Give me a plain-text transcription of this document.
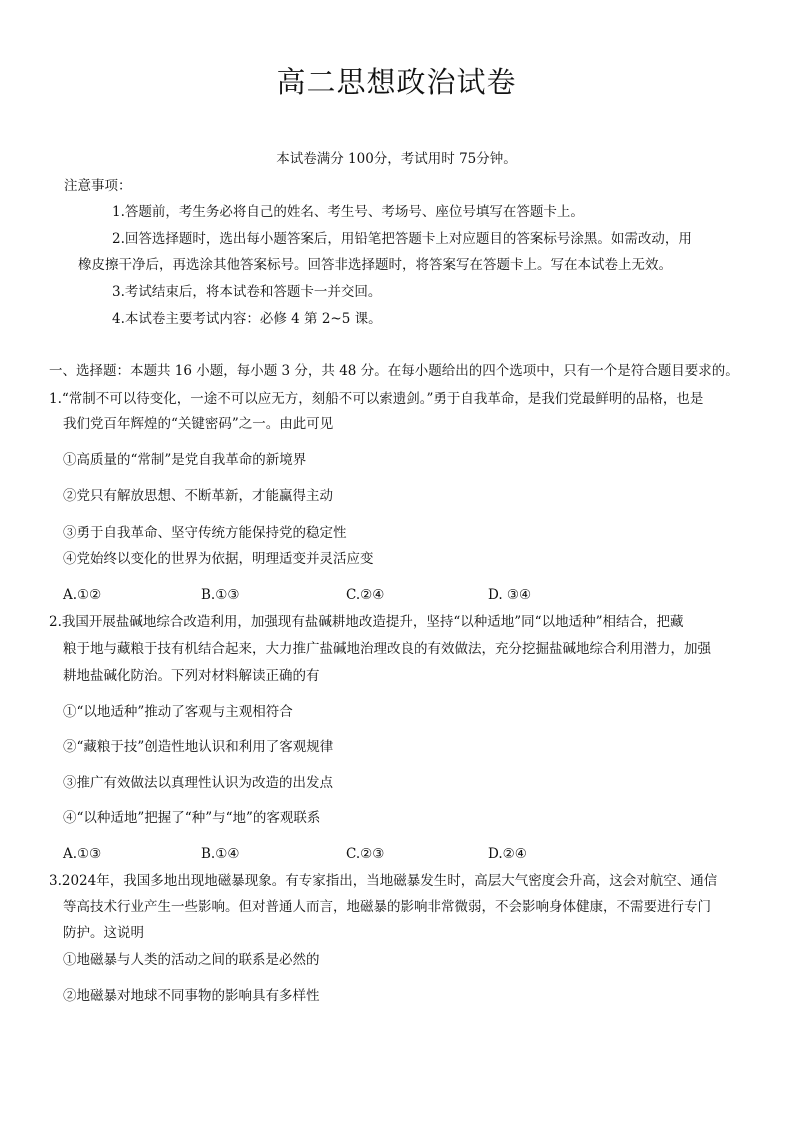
高二思想政治试卷
本试卷满分 100分，考试用时 75分钟。
注意事项：
1.答题前，考生务必将自己的姓名、考生号、考场号、座位号填写在答题卡上。
2.回答选择题时，选出每小题答案后，用铅笔把答题卡上对应题目的答案标号涂黑。如需改动，用
橡皮擦干净后，再选涂其他答案标号。回答非选择题时，将答案写在答题卡上。写在本试卷上无效。
3.考试结束后，将本试卷和答题卡一并交回。
4.本试卷主要考试内容：必修 4 第 2~5 课。
一、选择题：本题共 16 小题，每小题 3 分，共 48 分。在每小题给出的四个选项中，只有一个是符合题目要求的。
1.“常制不可以待变化，一途不可以应无方，刻船不可以索遗剑。”勇于自我革命，是我们党最鲜明的品格，也是
我们党百年辉煌的“关键密码”之一。由此可见
①高质量的“常制”是党自我革命的新境界
②党只有解放思想、不断革新，才能赢得主动
③勇于自我革命、坚守传统方能保持党的稳定性
④党始终以变化的世界为依据，明理适变并灵活应变
A.①②	B.①③	C.②④	D. ③④
2.我国开展盐碱地综合改造利用，加强现有盐碱耕地改造提升，坚持“以种适地”同“以地适种”相结合，把藏
粮于地与藏粮于技有机结合起来，大力推广盐碱地治理改良的有效做法，充分挖掘盐碱地综合利用潜力，加强
耕地盐碱化防治。下列对材料解读正确的有
①“以地适种”推动了客观与主观相符合
②“藏粮于技”创造性地认识和利用了客观规律
③推广有效做法以真理性认识为改造的出发点
④“以种适地”把握了“种”与“地”的客观联系
A.①③	B.①④	C.②③	D.②④
3.2024年，我国多地出现地磁暴现象。有专家指出，当地磁暴发生时，高层大气密度会升高，这会对航空、通信
等高技术行业产生一些影响。但对普通人而言，地磁暴的影响非常微弱，不会影响身体健康，不需要进行专门
防护。这说明
①地磁暴与人类的活动之间的联系是必然的
②地磁暴对地球不同事物的影响具有多样性
